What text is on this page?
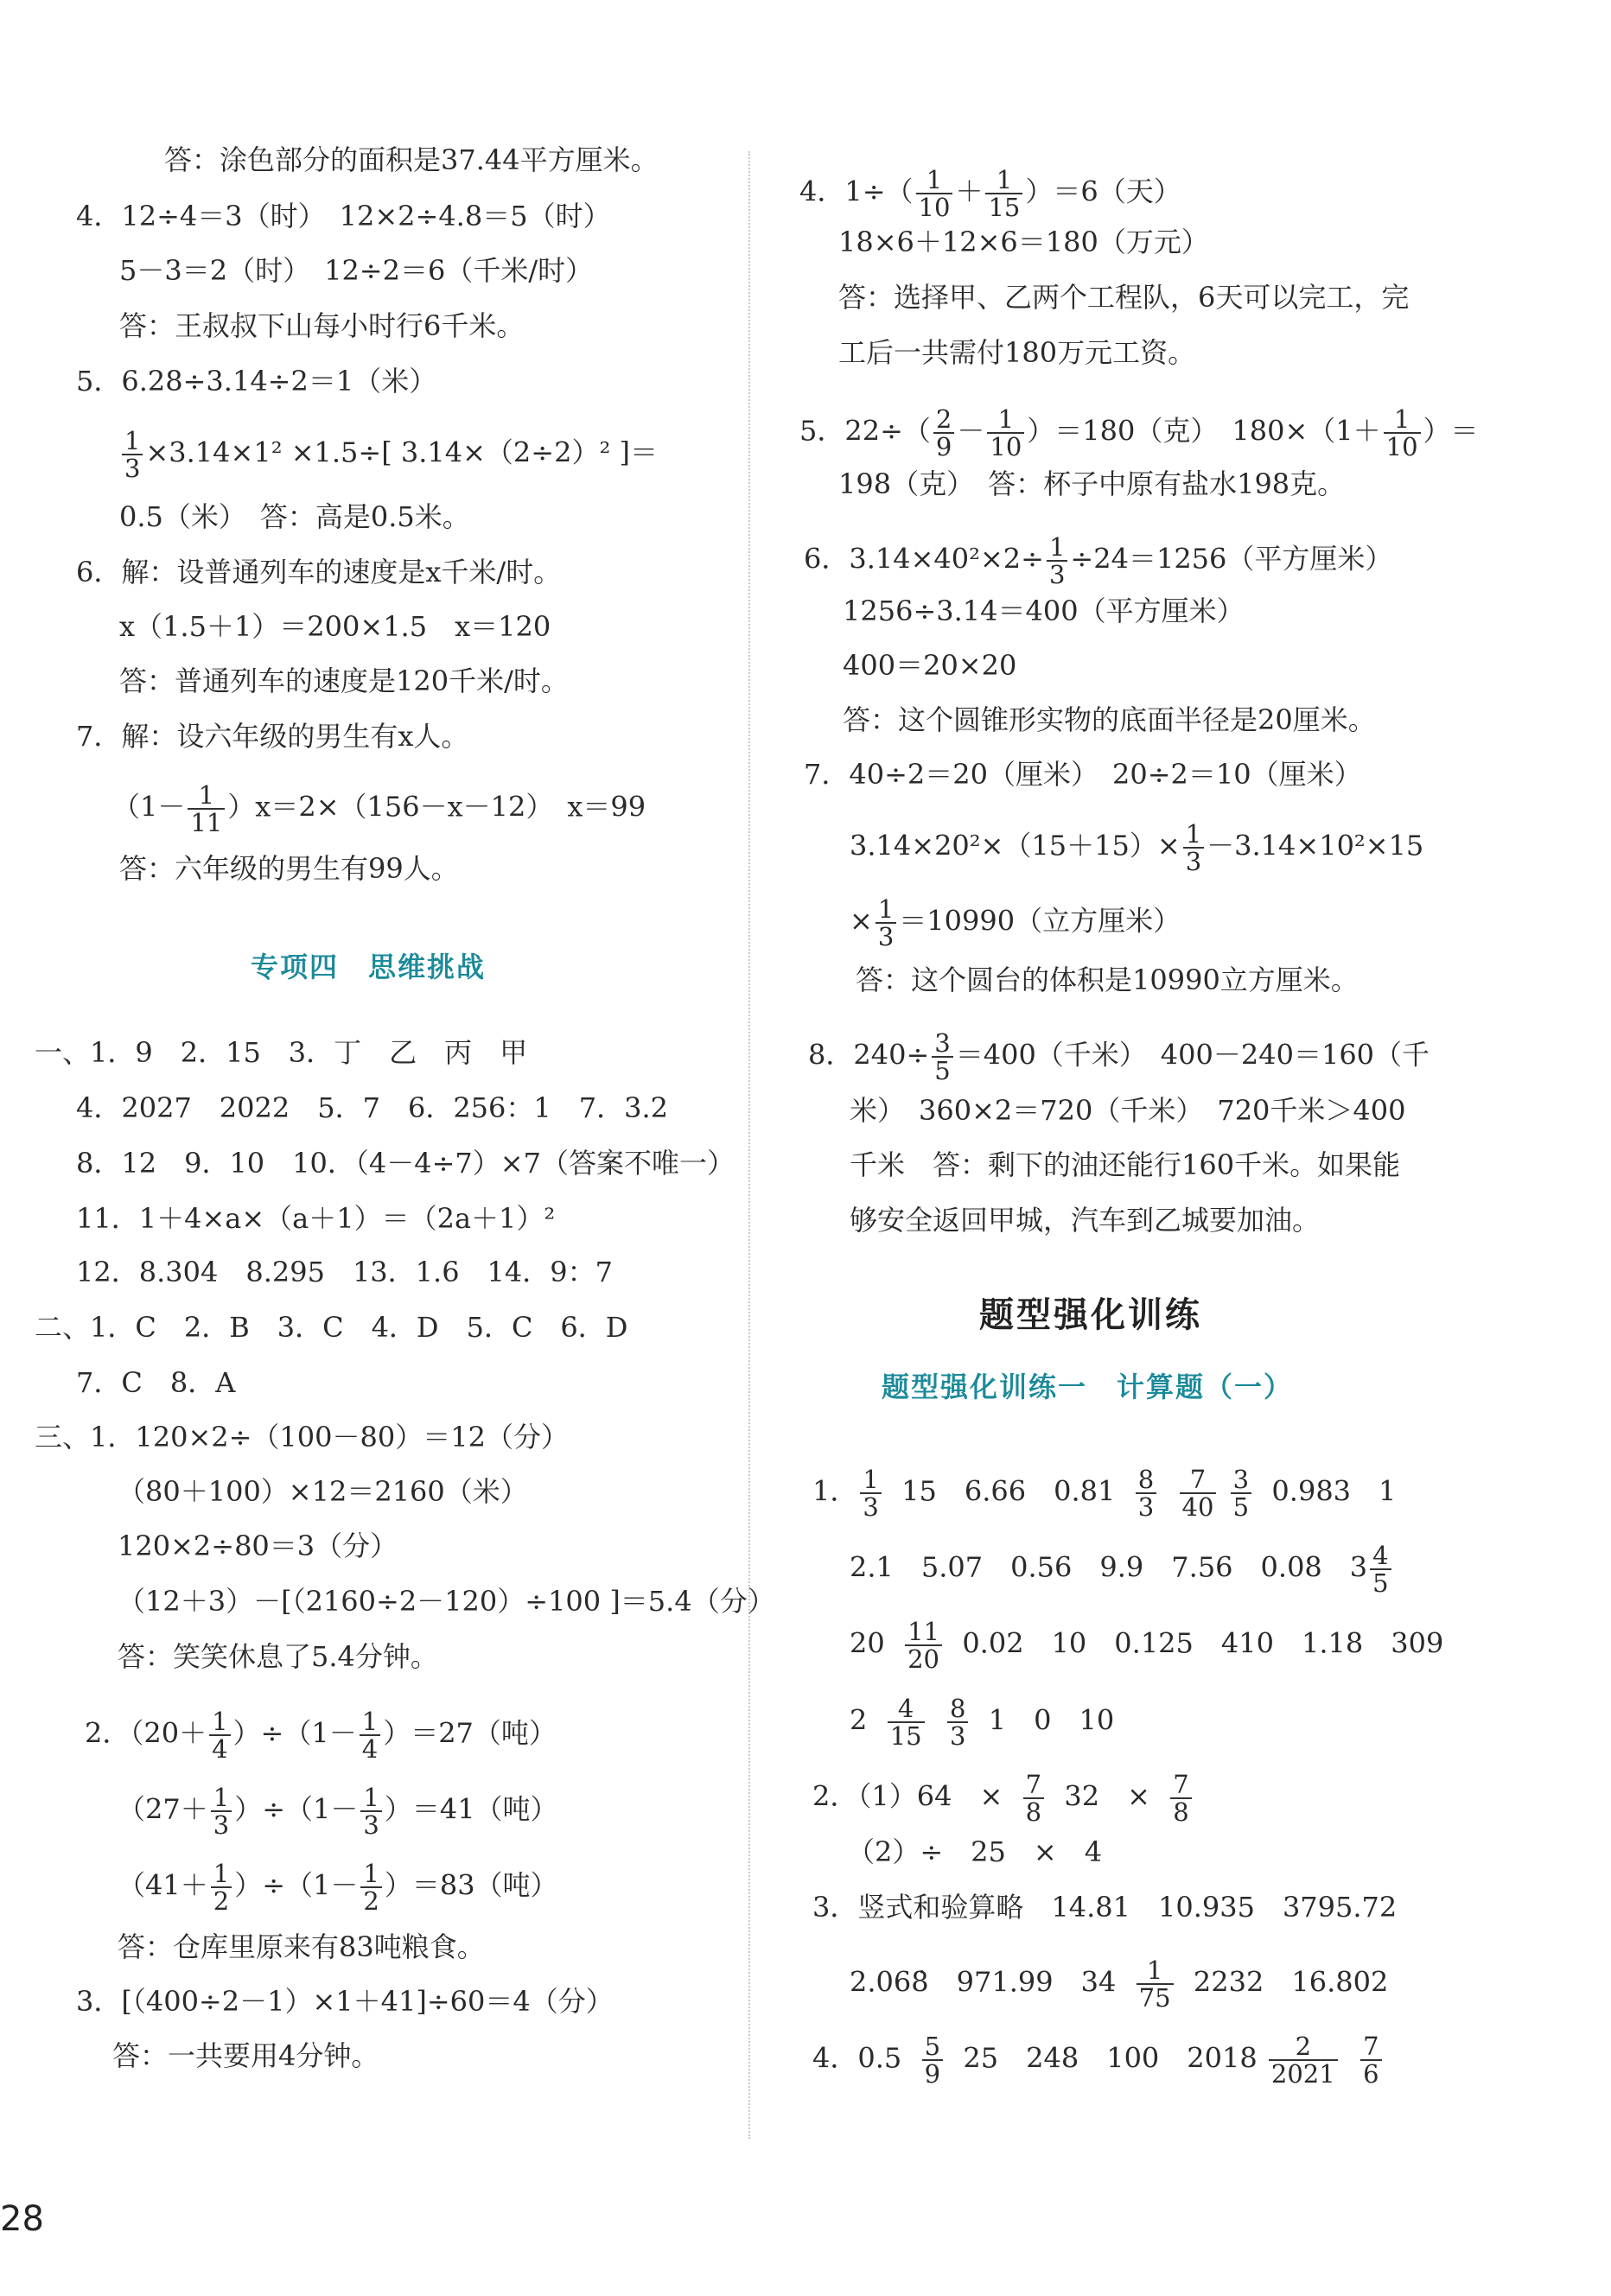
答：涂色部分的面积是37.44平方厘米。
4．12÷4＝3（时）　12×2÷4.8＝5（时）
5－3＝2（时）　12÷2＝6（千米/时）
答：王叔叔下山每小时行6千米。
5．6.28÷3.14÷2＝1（米）
$\frac{1}{3} \times 3.14\times 1^2 \times 1.5\div$[ 3.14×（2÷2）² ]＝
0.5（米）　答：高是0.5米。
6．解：设普通列车的速度是x千米/时。
x（1.5＋1）＝200×1.5　x＝120
答：普通列车的速度是120千米/时。
7．解：设六年级的男生有x人。
$(1- \frac{1}{11} )x=2\times(156-x-12)$　x＝99
答：六年级的男生有99人。
专项四　思维挑战
一、1．9　2．15　3．丁　乙　丙　甲
4．2027　2022　5．7　6．256：1　7．3.2
8．12　9．10　10．（4－4÷7）×7（答案不唯一）
11．1＋4×a×（a＋1）＝（2a＋1）²
12．8.304　8.295　13．1.6　14．9：7
二、1．C　2．B　3．C　4．D　5．C　6．D
7．C　8．A
三、1．120×2÷（100－80）＝12（分）
（80＋100）×12＝2160（米）
120×2÷80＝3（分）
（12＋3）－[（2160÷2－120）÷100 ]＝5.4（分）
答：笑笑休息了5.4分钟。
2．$(20+ \frac{1}{4} )\div(1- \frac{1}{4} )=27$（吨）
$(27+ \frac{1}{3} )\div(1- \frac{1}{3} )=41$（吨）
$(41+ \frac{1}{2} )\div(1- \frac{1}{2} )=83$（吨）
答：仓库里原来有83吨粮食。
3．[（400÷2－1）×1＋41]÷60＝4（分）
答：一共要用4分钟。
4．$1\div( \frac{1}{10} + \frac{1}{15} )=6$（天）
18×6＋12×6＝180（万元）
答：选择甲、乙两个工程队，6天可以完工，完
工后一共需付180万元工资。
5．$22\div( \frac{2}{9} - \frac{1}{10} )=180$（克）　$180\times(1+ \frac{1}{10}$ ）＝
198（克）　答：杯子中原有盐水198克。
6．$3.14\times 40^2\times 2\div \frac{1}{3} \div 24=1256$（平方厘米）
1256÷3.14＝400（平方厘米）
400＝20×20
答：这个圆锥形实物的底面半径是20厘米。
7．40÷2＝20（厘米）　20÷2＝10（厘米）
$3.14\times 20^2\times(15+15)\times \frac{1}{3} -3.14\times 10^2\times 15$
× $\frac{1}{3} =10990$（立方厘米）
答：这个圆台的体积是10990立方厘米。
8．$240\div \frac{3}{5} =400$（千米）　400－240＝160（千
米）　360×2＝720（千米）　720千米＞400
千米　答：剩下的油还能行160千米。如果能
够安全返回甲城，汽车到乙城要加油。
题型强化训练
题型强化训练一　计算题（一）
1． $\frac{1}{3} 15$　6.66　$0.81 \frac{8}{3}$
$\frac{7}{40}$
$\frac{3}{5} 0.983$　1
2.1　5.07　0.56　9.9　7.56　0.08　$3 \frac{4}{5}$
$20 \frac{11}{20} 0.02$　10　0.125　410　1.18　309
$2 \frac{4}{15}$
$\frac{8}{3} 1$　0　10
2．（1）64　× $\frac{7}{8} 32$　× $\frac{7}{8}$
（2）÷　25　×　4
3．竖式和验算略　14.81　10.935　3795.72
2.068̇　971.99　$34 \frac{1}{75} 2232$　16.802
4．$0.5 \frac{5}{9} 25$　248　100　$2018 \frac{2}{2021}$
$\frac{7}{6}$
28
